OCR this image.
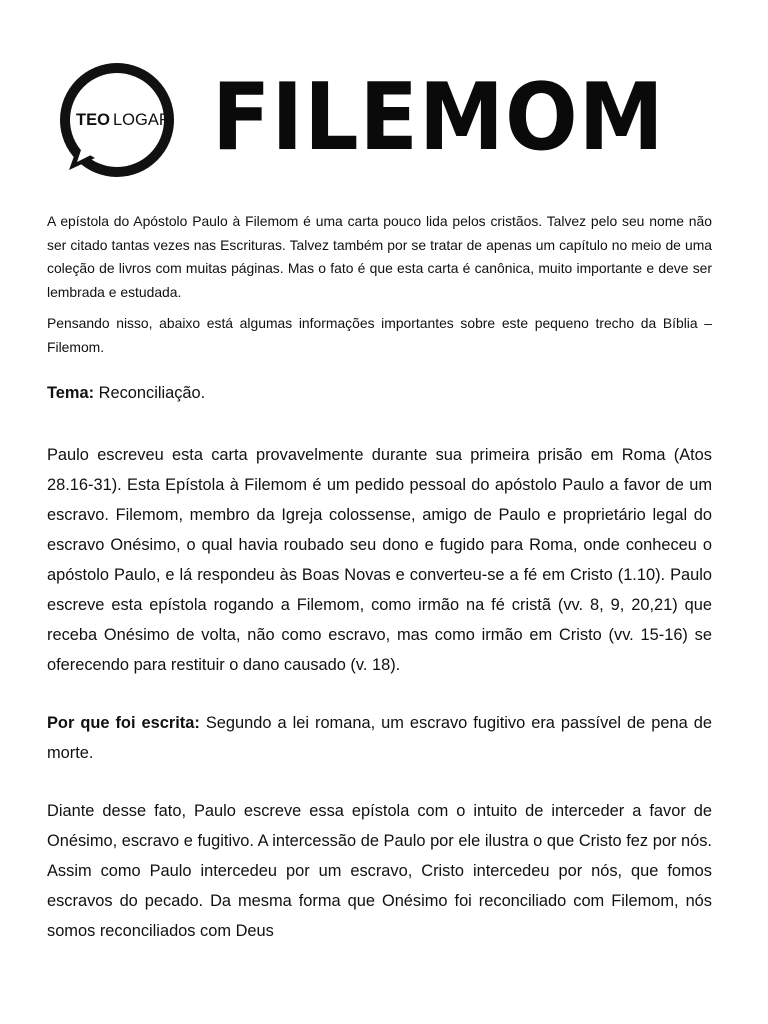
TEO LOGAR FILEMOM

A epístola do Apóstolo Paulo à Filemom é uma carta pouco lida pelos cristãos. Talvez pelo seu nome não ser citado tantas vezes nas Escrituras. Talvez também por se tratar de apenas um capítulo no meio de uma coleção de livros com muitas páginas. Mas o fato é que esta carta é canônica, muito importante e deve ser lembrada e estudada.

Pensando nisso, abaixo está algumas informações importantes sobre este pequeno trecho da Bíblia – Filemom.

Tema: Reconciliação.

Paulo escreveu esta carta provavelmente durante sua primeira prisão em Roma (Atos 28.16-31). Esta Epístola à Filemom é um pedido pessoal do apóstolo Paulo a favor de um escravo. Filemom, membro da Igreja colossense, amigo de Paulo e proprietário legal do escravo Onésimo, o qual havia roubado seu dono e fugido para Roma, onde conheceu o apóstolo Paulo, e lá respondeu às Boas Novas e converteu-se a fé em Cristo (1.10). Paulo escreve esta epístola rogando a Filemom, como irmão na fé cristã (vv. 8, 9, 20,21) que receba Onésimo de volta, não como escravo, mas como irmão em Cristo (vv. 15-16) se oferecendo para restituir o dano causado (v. 18).

Por que foi escrita: Segundo a lei romana, um escravo fugitivo era passível de pena de morte.

Diante desse fato, Paulo escreve essa epístola com o intuito de interceder a favor de Onésimo, escravo e fugitivo. A intercessão de Paulo por ele ilustra o que Cristo fez por nós. Assim como Paulo intercedeu por um escravo, Cristo intercedeu por nós, que fomos escravos do pecado. Da mesma forma que Onésimo foi reconciliado com Filemom, nós somos reconciliados com Deus
